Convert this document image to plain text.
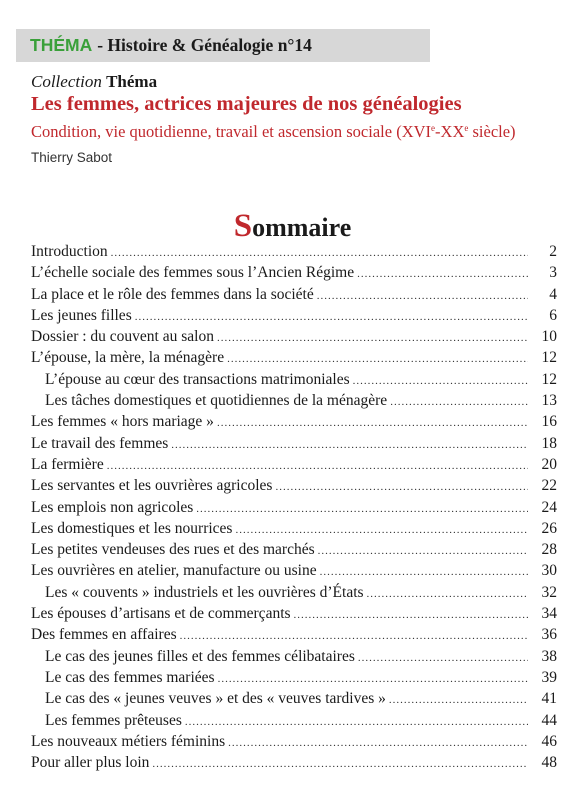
THÉMA - Histoire & Généalogie n°14
Collection Théma
Les femmes, actrices majeures de nos généalogies
Condition, vie quotidienne, travail et ascension sociale (XVIe-XXe siècle)
Thierry Sabot
Sommaire
Introduction .....	2
L’échelle sociale des femmes sous l’Ancien Régime .....	3
La place et le rôle des femmes dans la société .....	4
Les jeunes filles .....	6
Dossier : du couvent au salon .....	10
L’épouse, la mère, la ménagère .....	12
L’épouse au cœur des transactions matrimoniales .....	12
Les tâches domestiques et quotidiennes de la ménagère .....	13
Les femmes « hors mariage » .....	16
Le travail des femmes .....	18
La fermière .....	20
Les servantes et les ouvrières agricoles .....	22
Les emplois non agricoles .....	24
Les domestiques et les nourrices .....	26
Les petites vendeuses des rues et des marchés .....	28
Les ouvrières en atelier, manufacture ou usine .....	30
Les « couvents » industriels et les ouvrières d’États .....	32
Les épouses d’artisans et de commerçants .....	34
Des femmes en affaires .....	36
Le cas des jeunes filles et des femmes célibataires .....	38
Le cas des femmes mariées .....	39
Le cas des « jeunes veuves » et des « veuves tardives » .....	41
Les femmes prêteuses .....	44
Les nouveaux métiers féminins .....	46
Pour aller plus loin .....	48
